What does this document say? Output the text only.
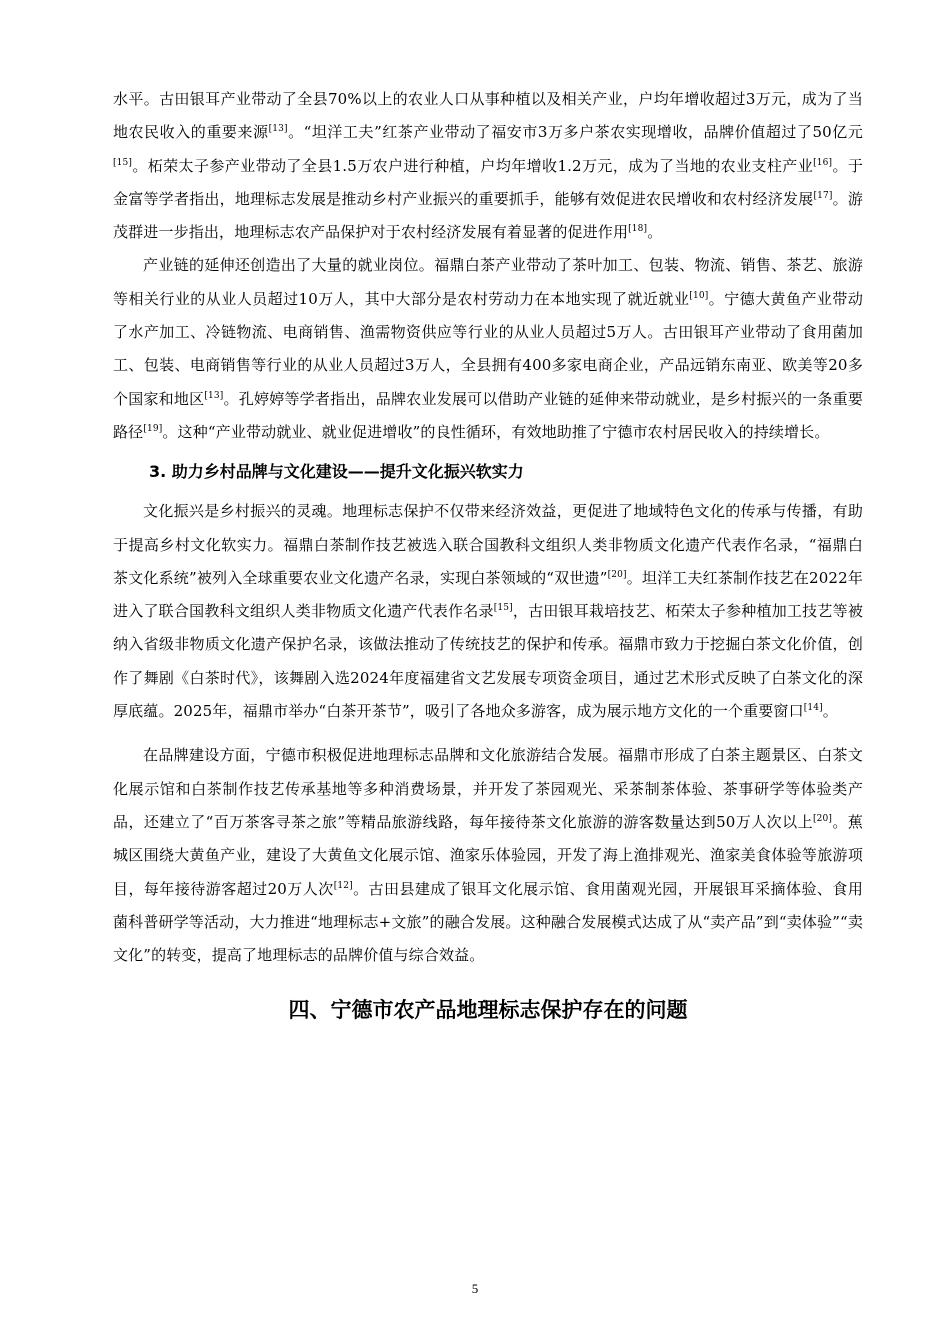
水平。古田银耳产业带动了全县70%以上的农业人口从事种植以及相关产业，户均年增收超过3万元，成为了当地农民收入的重要来源[13]。“坦洋工夫”红茶产业带动了福安市3万多户茶农实现增收，品牌价值超过了50亿元[15]。柘荣太子参产业带动了全县1.5万农户进行种植，户均年增收1.2万元，成为了当地的农业支柱产业[16]。于金富等学者指出，地理标志发展是推动乡村产业振兴的重要抓手，能够有效促进农民增收和农村经济发展[17]。游茂群进一步指出，地理标志农产品保护对于农村经济发展有着显著的促进作用[18]。

产业链的延伸还创造出了大量的就业岗位。福鼎白茶产业带动了茶叶加工、包装、物流、销售、茶艺、旅游等相关行业的从业人员超过10万人，其中大部分是农村劳动力在本地实现了就近就业[10]。宁德大黄鱼产业带动了水产加工、冷链物流、电商销售、渔需物资供应等行业的从业人员超过5万人。古田银耳产业带动了食用菌加工、包装、电商销售等行业的从业人员超过3万人，全县拥有400多家电商企业，产品远销东南亚、欧美等20多个国家和地区[13]。孔婷婷等学者指出，品牌农业发展可以借助产业链的延伸来带动就业，是乡村振兴的一条重要路径[19]。这种“产业带动就业、就业促进增收”的良性循环，有效地助推了宁德市农村居民收入的持续增长。

3. 助力乡村品牌与文化建设——提升文化振兴软实力

文化振兴是乡村振兴的灵魂。地理标志保护不仅带来经济效益，更促进了地域特色文化的传承与传播，有助于提高乡村文化软实力。福鼎白茶制作技艺被选入联合国教科文组织人类非物质文化遗产代表作名录，“福鼎白茶文化系统”被列入全球重要农业文化遗产名录，实现白茶领域的“双世遗”[20]。坦洋工夫红茶制作技艺在2022年进入了联合国教科文组织人类非物质文化遗产代表作名录[15]，古田银耳栽培技艺、柘荣太子参种植加工技艺等被纳入省级非物质文化遗产保护名录，该做法推动了传统技艺的保护和传承。福鼎市致力于挖掘白茶文化价值，创作了舞剧《白茶时代》，该舞剧入选2024年度福建省文艺发展专项资金项目，通过艺术形式反映了白茶文化的深厚底蕴。2025年，福鼎市举办“白茶开茶节”，吸引了各地众多游客，成为展示地方文化的一个重要窗口[14]。

在品牌建设方面，宁德市积极促进地理标志品牌和文化旅游结合发展。福鼎市形成了白茶主题景区、白茶文化展示馆和白茶制作技艺传承基地等多种消费场景，并开发了茶园观光、采茶制茶体验、茶事研学等体验类产品，还建立了“百万茶客寻茶之旅”等精品旅游线路，每年接待茶文化旅游的游客数量达到50万人次以上[20]。蕉城区围绕大黄鱼产业，建设了大黄鱼文化展示馆、渔家乐体验园，开发了海上渔排观光、渔家美食体验等旅游项目，每年接待游客超过20万人次[12]。古田县建成了银耳文化展示馆、食用菌观光园，开展银耳采摘体验、食用菌科普研学等活动，大力推进“地理标志+文旅”的融合发展。这种融合发展模式达成了从“卖产品”到“卖体验”“卖文化”的转变，提高了地理标志的品牌价值与综合效益。

四、宁德市农产品地理标志保护存在的问题
5
